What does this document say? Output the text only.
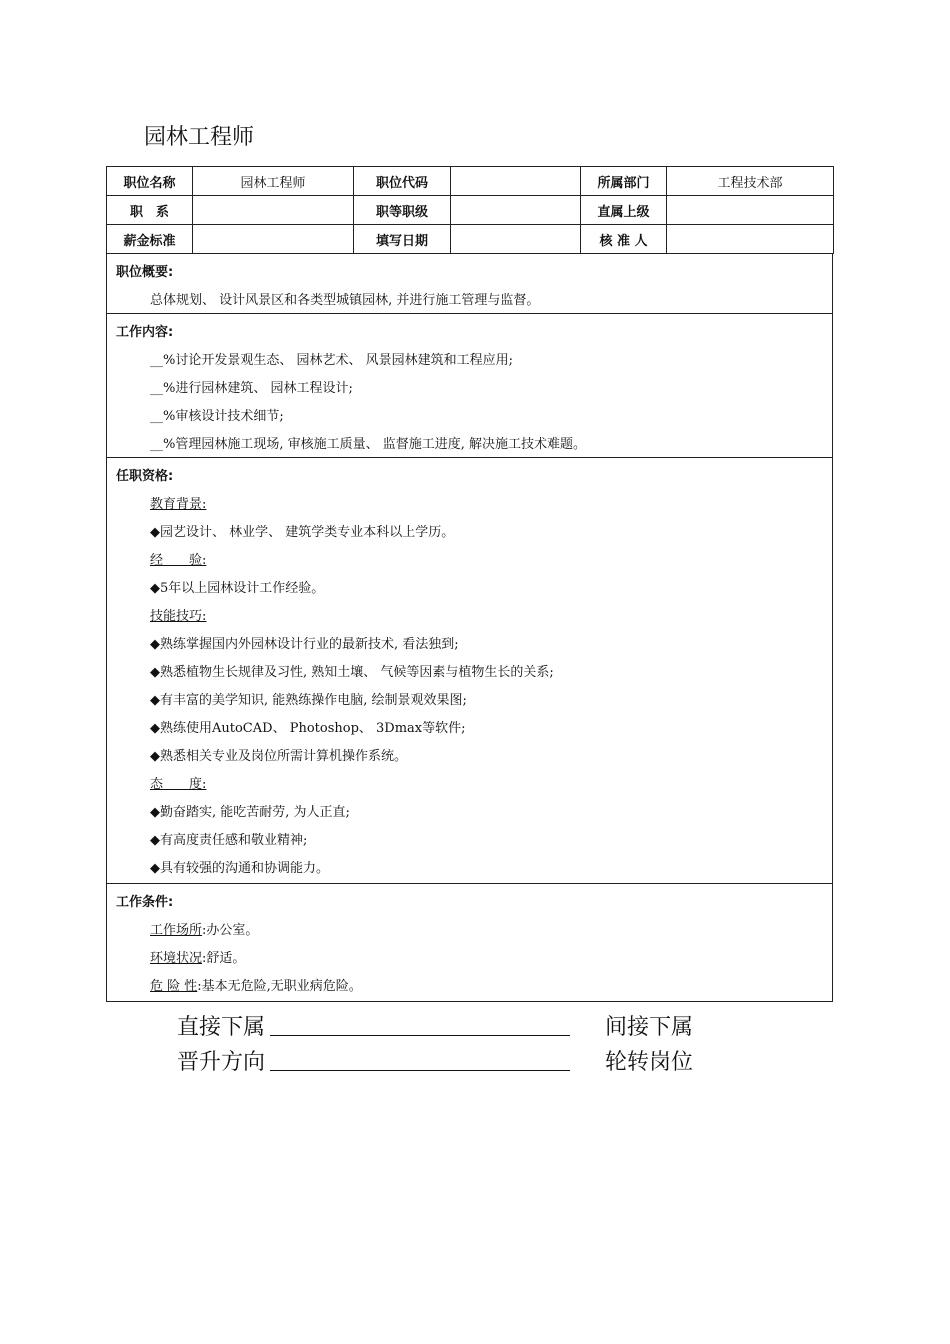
园林工程师
职位名称	园林工程师	职位代码		所属部门	工程技术部
职　系		职等职级		直属上级	
薪金标准		填写日期		核 准 人	
职位概要:
总体规划、 设计风景区和各类型城镇园林, 并进行施工管理与监督。
工作内容:
__%讨论开发景观生态、 园林艺术、 风景园林建筑和工程应用;
__%进行园林建筑、 园林工程设计;
__%审核设计技术细节;
__%管理园林施工现场, 审核施工质量、 监督施工进度, 解决施工技术难题。
任职资格:
教育背景:
◆园艺设计、 林业学、 建筑学类专业本科以上学历。
经　　验:
◆5年以上园林设计工作经验。
技能技巧:
◆熟练掌握国内外园林设计行业的最新技术, 看法独到;
◆熟悉植物生长规律及习性, 熟知土壤、 气候等因素与植物生长的关系;
◆有丰富的美学知识, 能熟练操作电脑, 绘制景观效果图;
◆熟练使用AutoCAD、 Photoshop、 3Dmax等软件;
◆熟悉相关专业及岗位所需计算机操作系统。
态　　度:
◆勤奋踏实, 能吃苦耐劳, 为人正直;
◆有高度责任感和敬业精神;
◆具有较强的沟通和协调能力。
工作条件:
工作场所:办公室。
环境状况:舒适。
危 险 性:基本无危险,无职业病危险。
直接下属	间接下属
晋升方向	轮转岗位
